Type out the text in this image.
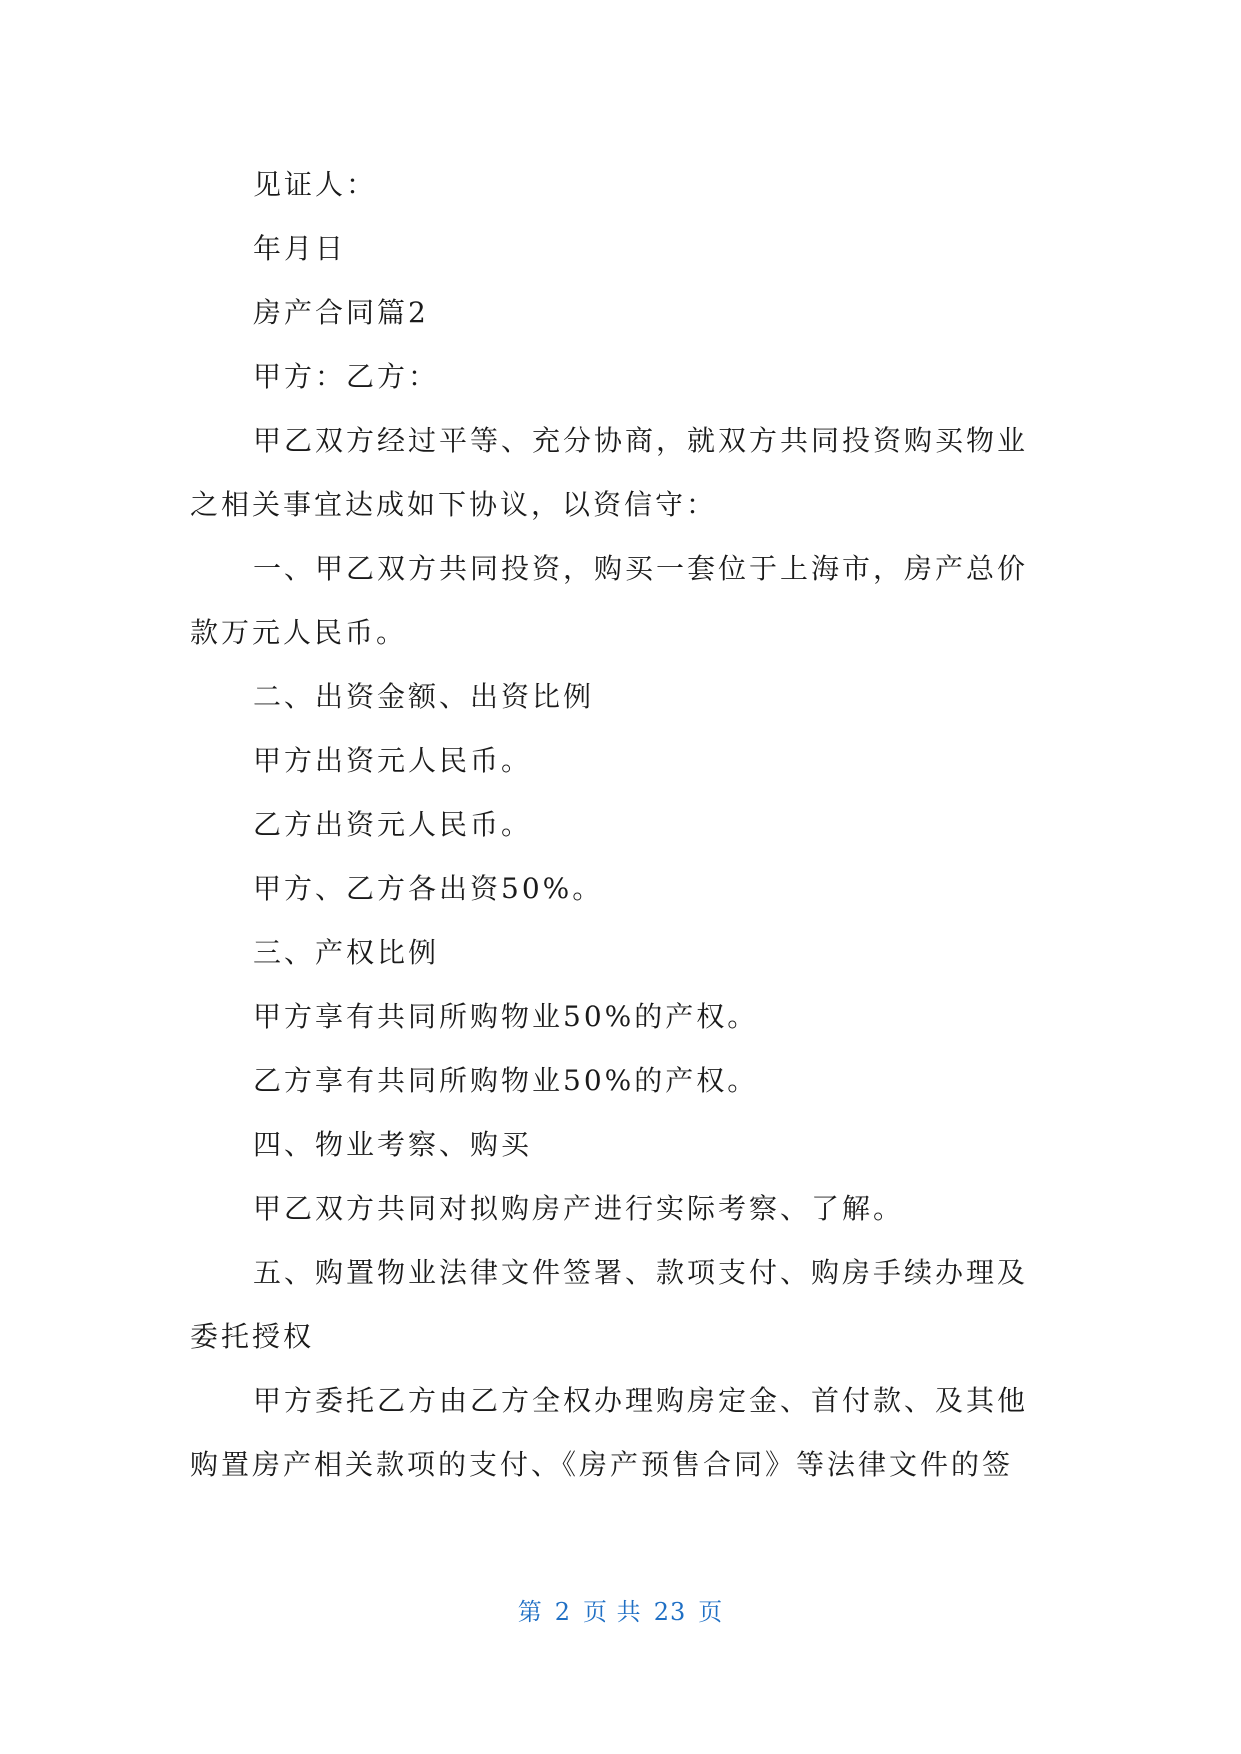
见证人：
年月日
房产合同篇2
甲方：乙方：
甲乙双方经过平等、充分协商，就双方共同投资购买物业
之相关事宜达成如下协议，以资信守：
一、甲乙双方共同投资，购买一套位于上海市，房产总价
款万元人民币。
二、出资金额、出资比例
甲方出资元人民币。
乙方出资元人民币。
甲方、乙方各出资50%。
三、产权比例
甲方享有共同所购物业50%的产权。
乙方享有共同所购物业50%的产权。
四、物业考察、购买
甲乙双方共同对拟购房产进行实际考察、了解。
五、购置物业法律文件签署、款项支付、购房手续办理及
委托授权
甲方委托乙方由乙方全权办理购房定金、首付款、及其他
购置房产相关款项的支付、《房产预售合同》等法律文件的签
第 2 页 共 23 页
